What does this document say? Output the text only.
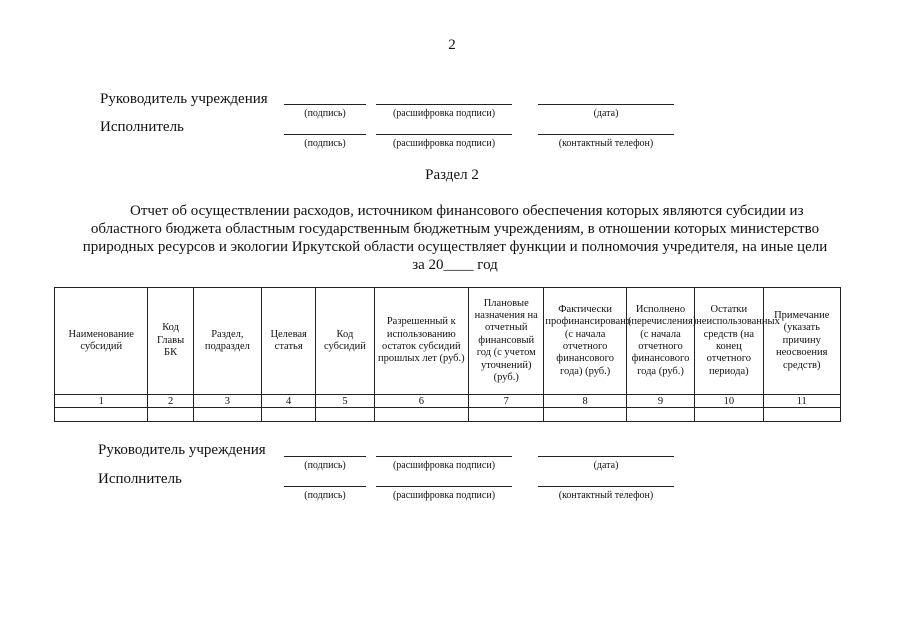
2
Руководитель учреждения
(подпись)	(расшифровка подписи)	(дата)
Исполнитель
(подпись)	(расшифровка подписи)	(контактный телефон)
Раздел 2
Отчет об осуществлении расходов, источником финансового обеспечения которых являются субсидии из
областного бюджета областным государственным бюджетным учреждениям, в отношении которых министерство
природных ресурсов и экологии Иркутской области осуществляет функции и полномочия учредителя, на иные цели
за 20____ год
Наименование субсидий	Код Главы БК	Раздел, подраздел	Целевая статья	Код субсидий	Разрешенный к использованию остаток субсидий прошлых лет (руб.)	Плановые назначения на отчетный финансовый год (с учетом уточнений) (руб.)	Фактически профинансировано (с начала отчетного финансового года) (руб.)	Исполнено (перечисления) (с начала отчетного финансового года (руб.)	Остатки неиспользованных средств (на конец отчетного периода)	Примечание (указать причину неосвоения средств)
1	2	3	4	5	6	7	8	9	10	11

Руководитель учреждения
(подпись)	(расшифровка подписи)	(дата)
Исполнитель
(подпись)	(расшифровка подписи)	(контактный телефон)
